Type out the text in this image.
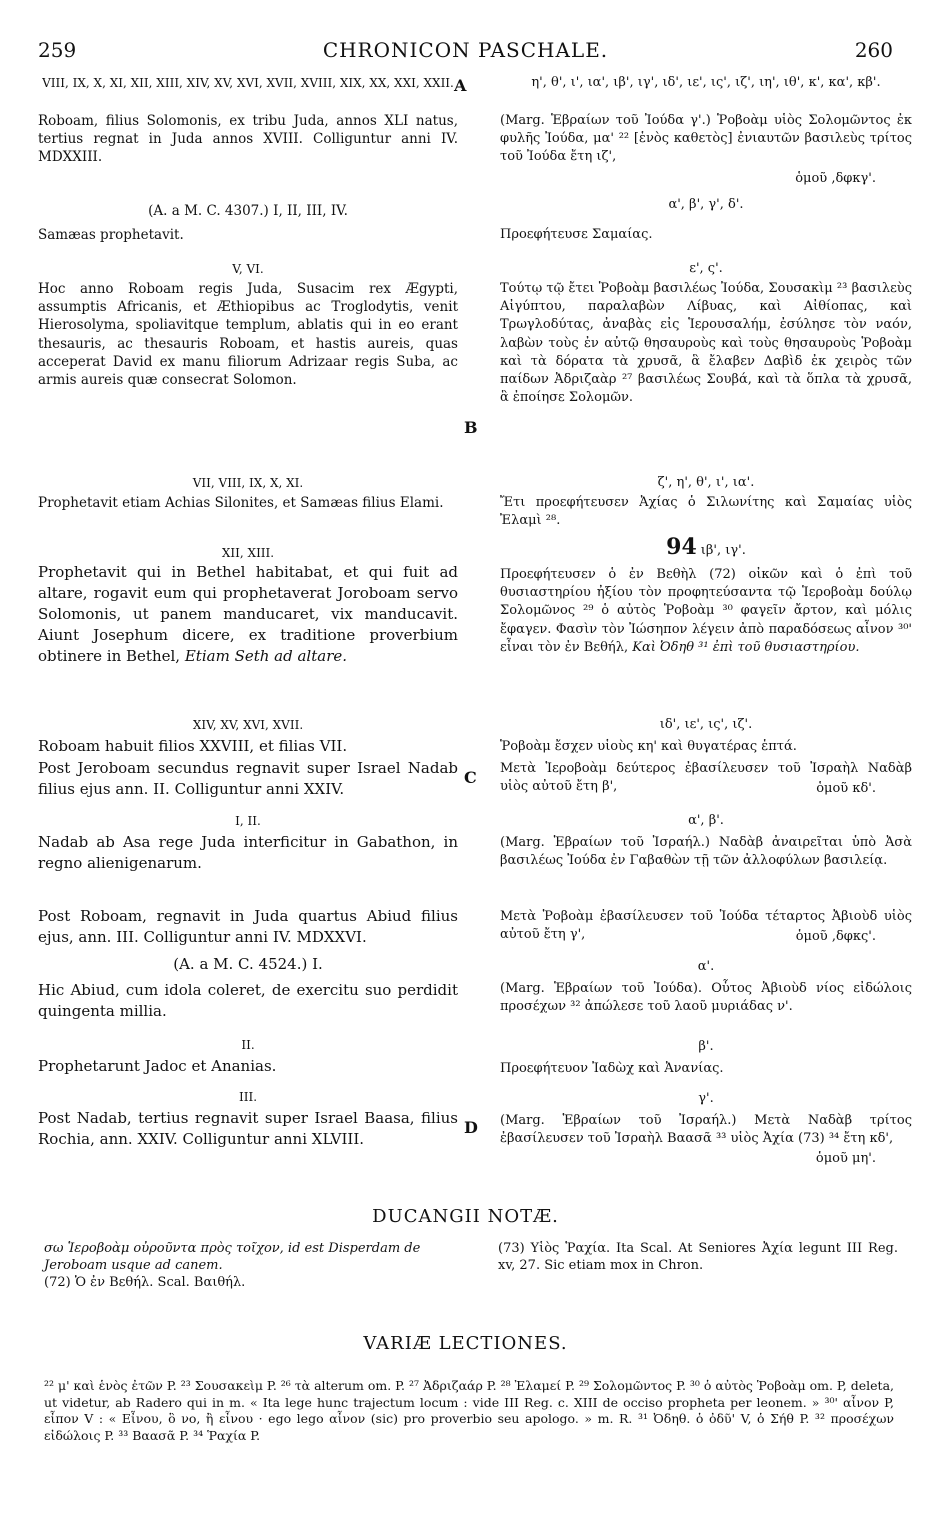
259	CHRONICON PASCHALE.	260
A
B
C
D
VIII, IX, X, XI, XII, XIII, XIV, XV, XVI, XVII, XVIII, XIX, XX, XXI, XXII.
Roboam, filius Solomonis, ex tribu Juda, annos XLI natus, tertius regnat in Juda annos XVIII. Colliguntur anni IV. MDXXIII.
(A. a M. C. 4307.) I, II, III, IV.
Samæas prophetavit.
V, VI.
Hoc anno Roboam regis Juda, Susacim rex Ægypti, assumptis Africanis, et Æthiopibus ac Troglodytis, venit Hierosolyma, spoliavitque templum, ablatis qui in eo erant thesauris, ac thesauris Roboam, et hastis aureis, quas acceperat David ex manu filiorum Adrizaar regis Suba, ac armis aureis quæ consecrat Solomon.
VII, VIII, IX, X, XI.
Prophetavit etiam Achias Silonites, et Samæas filius Elami.
XII, XIII.
Prophetavit qui in Bethel habitabat, et qui fuit ad altare, rogavit eum qui prophetaverat Joroboam servo Solomonis, ut panem manducaret, vix manducavit. Aiunt Josephum dicere, ex traditione proverbium obtinere in Bethel, Etiam Seth ad altare.
XIV, XV, XVI, XVII.
Roboam habuit filios XXVIII, et filias VII.
Post Jeroboam secundus regnavit super Israel Nadab filius ejus ann. II. Colliguntur anni XXIV.
I, II.
Nadab ab Asa rege Juda interficitur in Gabathon, in regno alienigenarum.
Post Roboam, regnavit in Juda quartus Abiud filius ejus, ann. III. Colliguntur anni IV. MDXXVI.
(A. a M. C. 4524.) I.
Hic Abiud, cum idola coleret, de exercitu suo perdidit quingenta millia.
II.
Prophetarunt Jadoc et Ananias.
III.
Post Nadab, tertius regnavit super Israel Baasa, filius Rochia, ann. XXIV. Colliguntur anni XLVIII.
η', θ', ι', ια', ιβ', ιγ', ιδ', ιε', ις', ιζ', ιη', ιθ', κ', κα', κβ'.
(Marg. Ἑβραίων τοῦ Ἰούδα γ'.) Ῥοβοὰμ υἱὸς Σολομῶντος ἐκ φυλῆς Ἰούδα, μα' ²² [ἑνὸς καθετὸς] ἐνιαυτῶν βασιλεὺς τρίτος τοῦ Ἰούδα ἔτη ιζ',
ὁμοῦ ,δφκγ'.
α', β', γ', δ'.
Προεφήτευσε Σαμαίας.
ε', ς'.
Τούτῳ τῷ ἔτει Ῥοβοὰμ βασιλέως Ἰούδα, Σουσακὶμ ²³ βασιλεὺς Αἰγύπτου, παραλαβὼν Λίβυας, καὶ Αἰθίοπας, καὶ Τρωγλοδύτας, ἀναβὰς εἰς Ἱερουσαλήμ, ἐσύλησε τὸν ναόν, λαβὼν τοὺς ἐν αὐτῷ θησαυροὺς καὶ τοὺς θησαυροὺς Ῥοβοὰμ καὶ τὰ δόρατα τὰ χρυσᾶ, ἃ ἔλαβεν Δαβὶδ ἐκ χειρὸς τῶν παίδων Ἀδριζαὰρ ²⁷ βασιλέως Σουβά, καὶ τὰ ὅπλα τὰ χρυσᾶ, ἃ ἐποίησε Σολομῶν.
ζ', η', θ', ι', ια'.
Ἔτι προεφήτευσεν Ἀχίας ὁ Σιλωνίτης καὶ Σαμαίας υἱὸς Ἐλαμὶ ²⁸.
94 ιβ', ιγ'.
Προεφήτευσεν ὁ ἐν Βεθὴλ (72) οἰκῶν καὶ ὁ ἐπὶ τοῦ θυσιαστηρίου ἠξίου τὸν προφητεύσαντα τῷ Ἱεροβοὰμ δούλῳ Σολομῶνος ²⁹ ὁ αὐτὸς Ῥοβοὰμ ³⁰ φαγεῖν ἄρτον, καὶ μόλις ἔφαγεν. Φασὶν τὸν Ἰώσηπον λέγειν ἀπὸ παραδόσεως αἶνον ³⁰' εἶναι τὸν ἐν Βεθήλ, Καὶ Ὀδηθ ³¹ ἐπὶ τοῦ θυσιαστηρίου.
ιδ', ιε', ις', ιζ'.
Ῥοβοὰμ ἔσχεν υἱοὺς κη' καὶ θυγατέρας ἑπτά.
Μετὰ Ἱεροβοὰμ δεύτερος ἐβασίλευσεν τοῦ Ἰσραὴλ Ναδὰβ υἱὸς αὐτοῦ ἔτη β',	ὁμοῦ κδ'.
α', β'.
(Marg. Ἑβραίων τοῦ Ἰσραήλ.) Ναδὰβ ἀναιρεῖται ὑπὸ Ἀσὰ βασιλέως Ἰούδα ἐν Γαβαθὼν τῇ τῶν ἀλλοφύλων βασιλείᾳ.
Μετὰ Ῥοβοὰμ ἐβασίλευσεν τοῦ Ἰούδα τέταρτος Ἀβιοὺδ υἱὸς αὐτοῦ ἔτη γ',	ὁμοῦ ,δφκς'.
α'.
(Marg. Ἑβραίων τοῦ Ἰούδα). Οὗτος Ἀβιοὺδ νίος εἰδώλοις προσέχων ³² ἀπώλεσε τοῦ λαοῦ μυριάδας ν'.
β'.
Προεφήτευον Ἰαδὼχ καὶ Ἀνανίας.
γ'.
(Marg. Ἑβραίων τοῦ Ἰσραήλ.) Μετὰ Ναδὰβ τρίτος ἐβασίλευσεν τοῦ Ἰσραὴλ Βαασᾶ ³³ υἱὸς Ἀχία (73) ³⁴ ἔτη κδ',
ὁμοῦ μη'.
DUCANGII NOTÆ.
σω Ἱεροβοὰμ οὐροῦντα πρὸς τοῖχον, id est Disperdam de Jeroboam usque ad canem.
(72) Ὁ ἐν Βεθήλ. Scal. Βαιθήλ.
(73) Υἱὸς Ῥαχία. Ita Scal. At Seniores Ἀχία legunt III Reg. xv, 27. Sic etiam mox in Chron.
VARIÆ LECTIONES.
²² μ' καὶ ἑνὸς ἐτῶν P. ²³ Σουσακεὶμ P. ²⁶ τὰ alterum om. P. ²⁷ Ἀδριζαάρ P. ²⁸ Ἐλαμεί P. ²⁹ Σολομῶντος P. ³⁰ ὁ αὐτὸς Ῥοβοὰμ om. P, deleta, ut videtur, ab Radero qui in m. « Ita lege hunc trajectum locum : vide III Reg. c. XIII de occiso propheta per leonem. » ³⁰' αἶνον P, εἶπον V : « Εἶνου, ὃ νο, ἢ εἶνου · ego lego αἶνον (sic) pro proverbio seu apologo. » m. R. ³¹ Ὀδηθ. ὁ ὀδῦ' V, ὁ Σήθ P. ³² προσέχων εἰδώλοις P. ³³ Βαασᾶ P. ³⁴ Ῥαχία P.
